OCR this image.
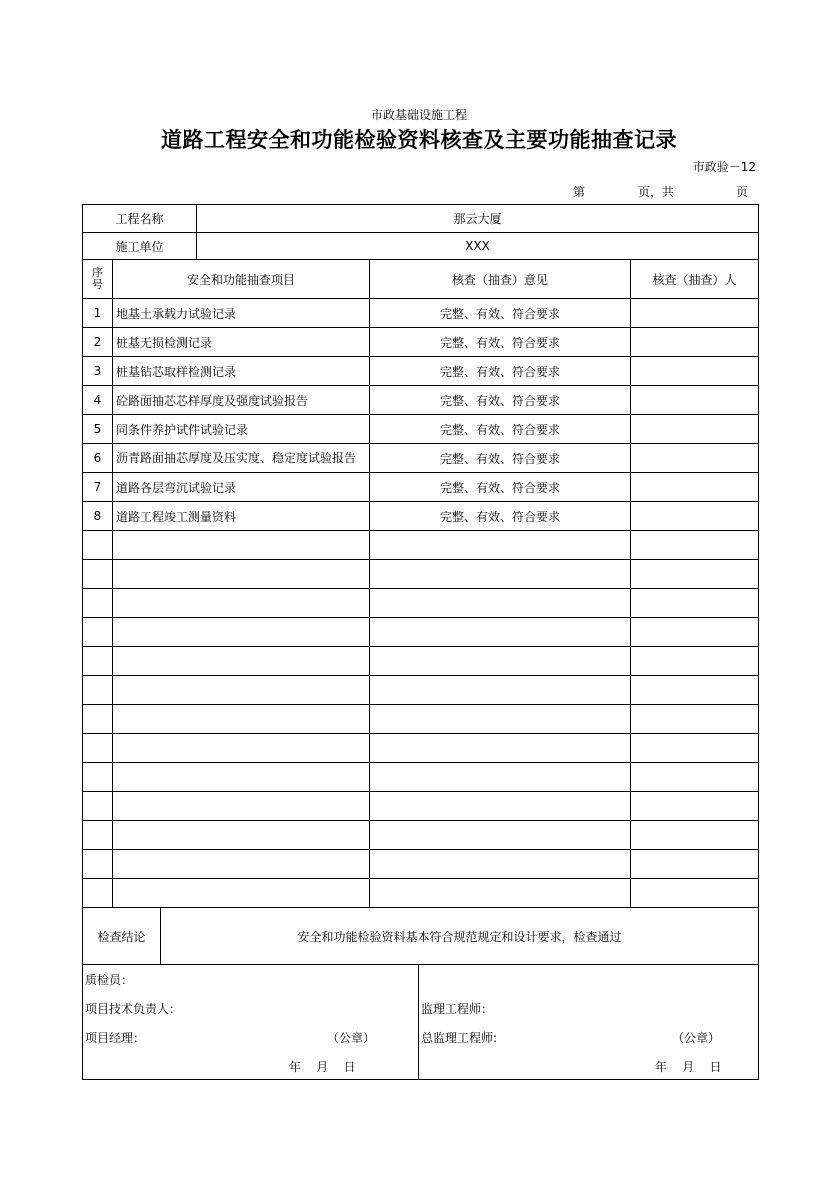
市政基础设施工程
道路工程安全和功能检验资料核查及主要功能抽查记录
市政验－12
第	页，共	页
工程名称	那云大厦
施工单位	XXX
序号	安全和功能抽查项目	核查（抽查）意见	核查（抽查）人
1	地基土承载力试验记录	完整、有效、符合要求
2	桩基无损检测记录	完整、有效、符合要求
3	桩基钻芯取样检测记录	完整、有效、符合要求
4	砼路面抽芯芯样厚度及强度试验报告	完整、有效、符合要求
5	同条件养护试件试验记录	完整、有效、符合要求
6	沥青路面抽芯厚度及压实度、稳定度试验报告	完整、有效、符合要求
7	道路各层弯沉试验记录	完整、有效、符合要求
8	道路工程竣工测量资料	完整、有效、符合要求
检查结论	安全和功能检验资料基本符合规范规定和设计要求，检查通过
质检员：
项目技术负责人：
项目经理：	（公章）
年    月    日
监理工程师：
总监理工程师:	（公章）
年    月    日
